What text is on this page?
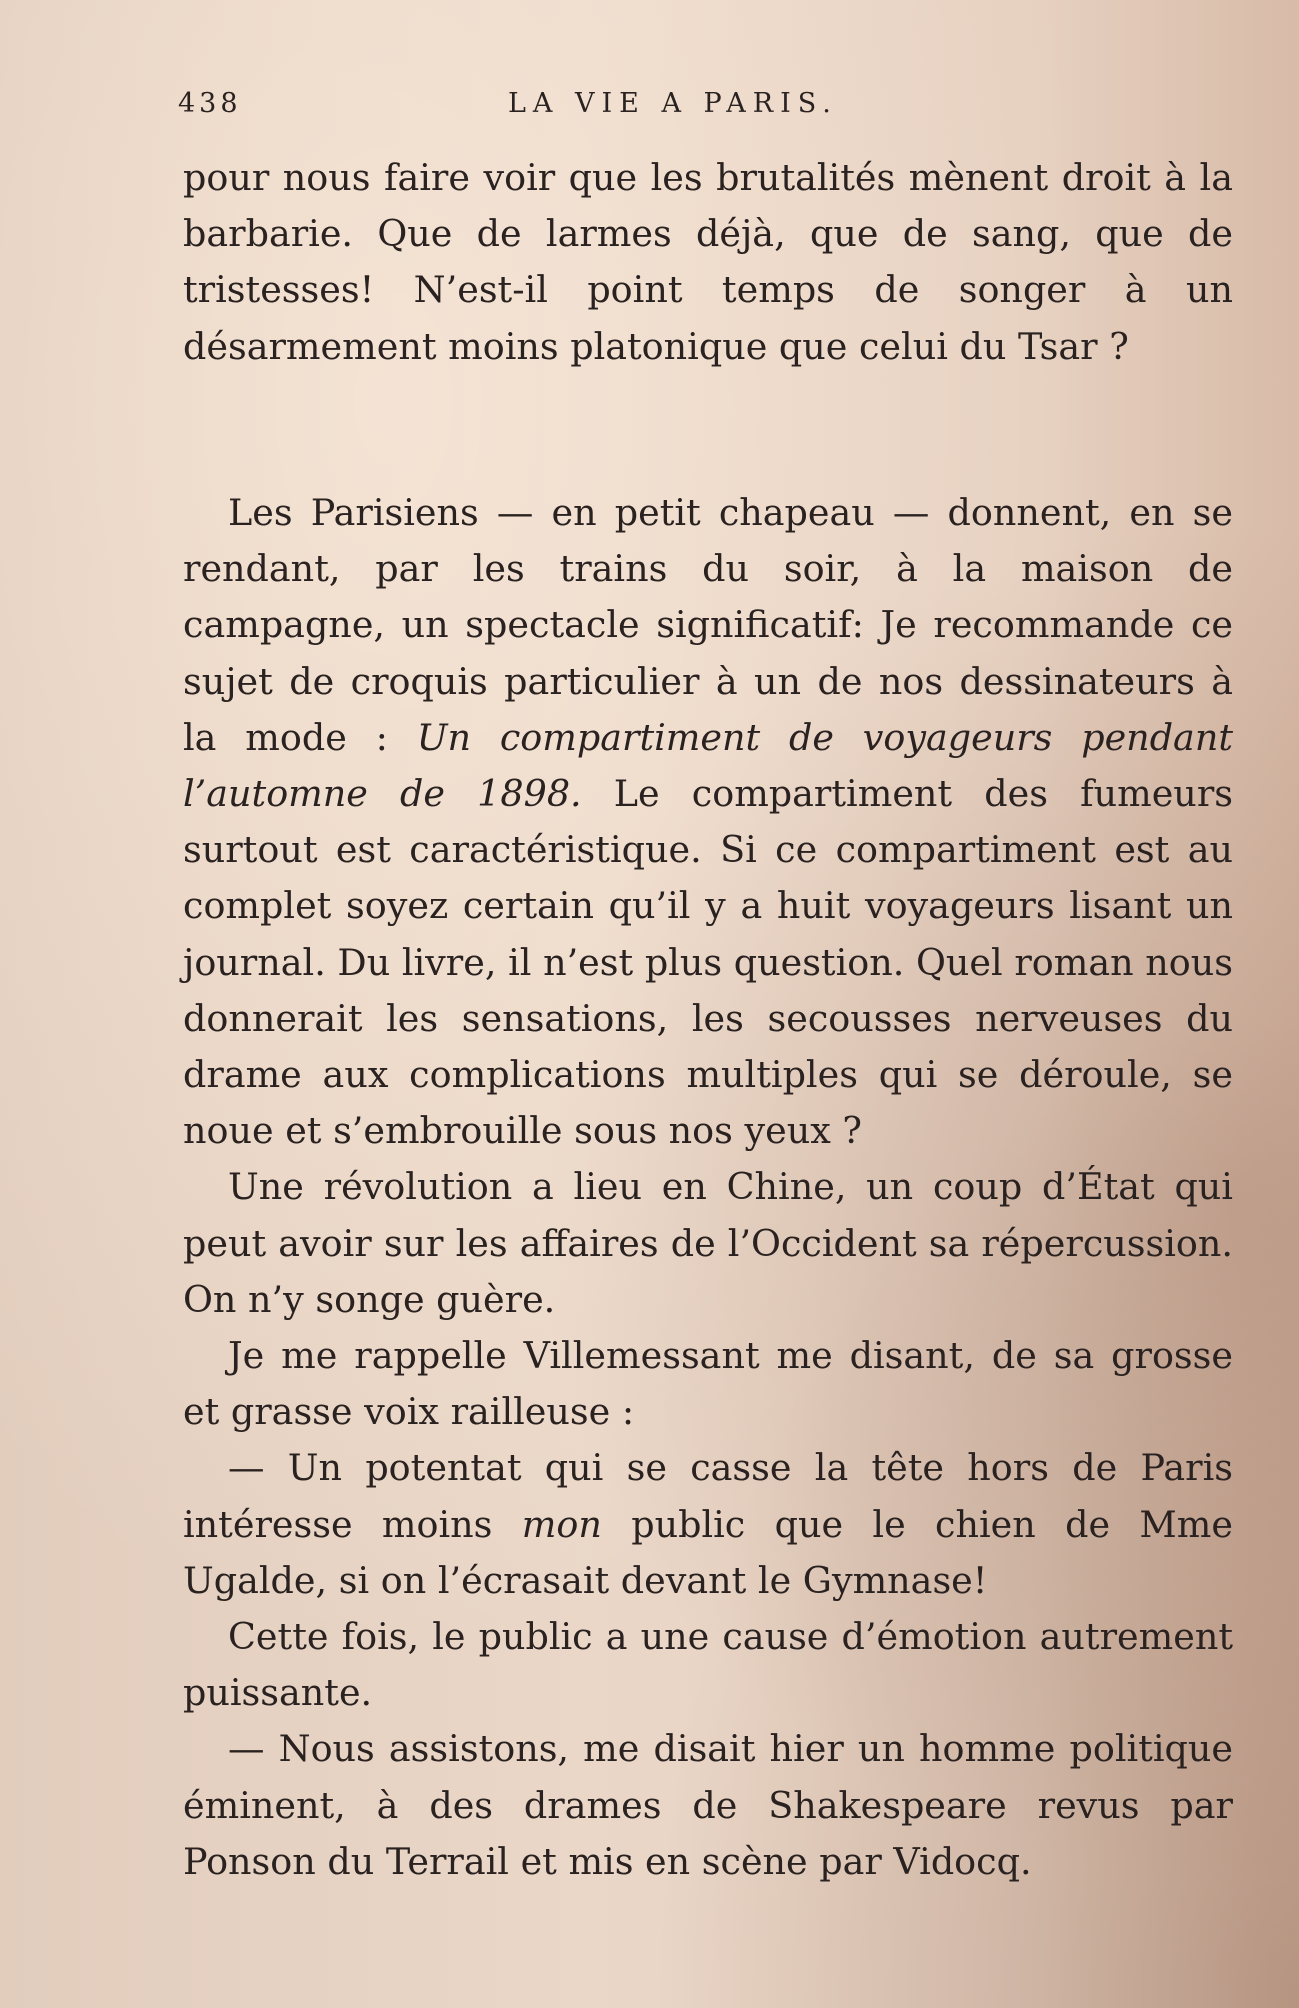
438	LA VIE A PARIS.

pour nous faire voir que les brutalités mènent droit à la barbarie. Que de larmes déjà, que de sang, que de tristesses! N’est-il point temps de songer à un désarmement moins platonique que celui du Tsar ?

Les Parisiens — en petit chapeau — donnent, en se rendant, par les trains du soir, à la maison de campagne, un spectacle significatif: Je recommande ce sujet de croquis particulier à un de nos dessinateurs à la mode : Un compartiment de voyageurs pendant l’automne de 1898. Le compartiment des fumeurs surtout est caractéristique. Si ce compartiment est au complet soyez certain qu’il y a huit voyageurs lisant un journal. Du livre, il n’est plus question. Quel roman nous donnerait les sensations, les secousses nerveuses du drame aux complications multiples qui se déroule, se noue et s’embrouille sous nos yeux ?

Une révolution a lieu en Chine, un coup d’État qui peut avoir sur les affaires de l’Occident sa répercussion. On n’y songe guère.

Je me rappelle Villemessant me disant, de sa grosse et grasse voix railleuse :

— Un potentat qui se casse la tête hors de Paris intéresse moins mon public que le chien de Mme Ugalde, si on l’écrasait devant le Gymnase!

Cette fois, le public a une cause d’émotion autrement puissante.

— Nous assistons, me disait hier un homme politique éminent, à des drames de Shakespeare revus par Ponson du Terrail et mis en scène par Vidocq.
